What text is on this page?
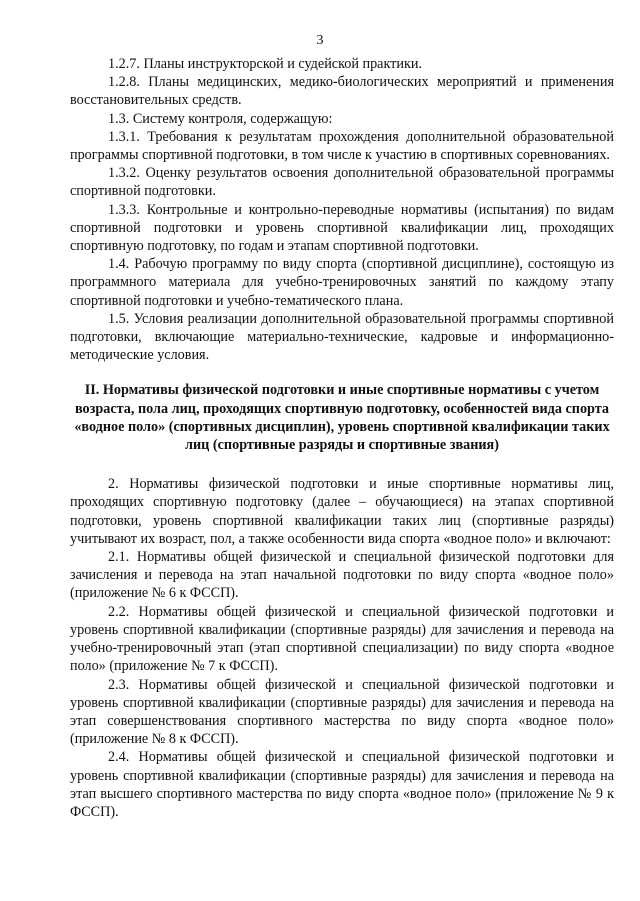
3

1.2.7. Планы инструкторской и судейской практики.

1.2.8. Планы медицинских, медико-биологических мероприятий и применения восстановительных средств.

1.3. Систему контроля, содержащую:

1.3.1. Требования к результатам прохождения дополнительной образовательной программы спортивной подготовки, в том числе к участию в спортивных соревнованиях.

1.3.2. Оценку результатов освоения дополнительной образовательной программы спортивной подготовки.

1.3.3. Контрольные и контрольно-переводные нормативы (испытания) по видам спортивной подготовки и уровень спортивной квалификации лиц, проходящих спортивную подготовку, по годам и этапам спортивной подготовки.

1.4. Рабочую программу по виду спорта (спортивной дисциплине), состоящую из программного материала для учебно-тренировочных занятий по каждому этапу спортивной подготовки и учебно-тематического плана.

1.5. Условия реализации дополнительной образовательной программы спортивной подготовки, включающие материально-технические, кадровые и информационно-методические условия.

II. Нормативы физической подготовки и иные спортивные нормативы с учетом возраста, пола лиц, проходящих спортивную подготовку, особенностей вида спорта «водное поло» (спортивных дисциплин), уровень спортивной квалификации таких лиц (спортивные разряды и спортивные звания)

2. Нормативы физической подготовки и иные спортивные нормативы лиц, проходящих спортивную подготовку (далее – обучающиеся) на этапах спортивной подготовки, уровень спортивной квалификации таких лиц (спортивные разряды) учитывают их возраст, пол, а также особенности вида спорта «водное поло» и включают:

2.1. Нормативы общей физической и специальной физической подготовки для зачисления и перевода на этап начальной подготовки по виду спорта «водное поло» (приложение № 6 к ФССП).

2.2. Нормативы общей физической и специальной физической подготовки и уровень спортивной квалификации (спортивные разряды) для зачисления и перевода на учебно-тренировочный этап (этап спортивной специализации) по виду спорта «водное поло» (приложение № 7 к ФССП).

2.3. Нормативы общей физической и специальной физической подготовки и уровень спортивной квалификации (спортивные разряды) для зачисления и перевода на этап совершенствования спортивного мастерства по виду спорта «водное поло» (приложение № 8 к ФССП).

2.4. Нормативы общей физической и специальной физической подготовки и уровень спортивной квалификации (спортивные разряды) для зачисления и перевода на этап высшего спортивного мастерства по виду спорта «водное поло» (приложение № 9 к ФССП).
